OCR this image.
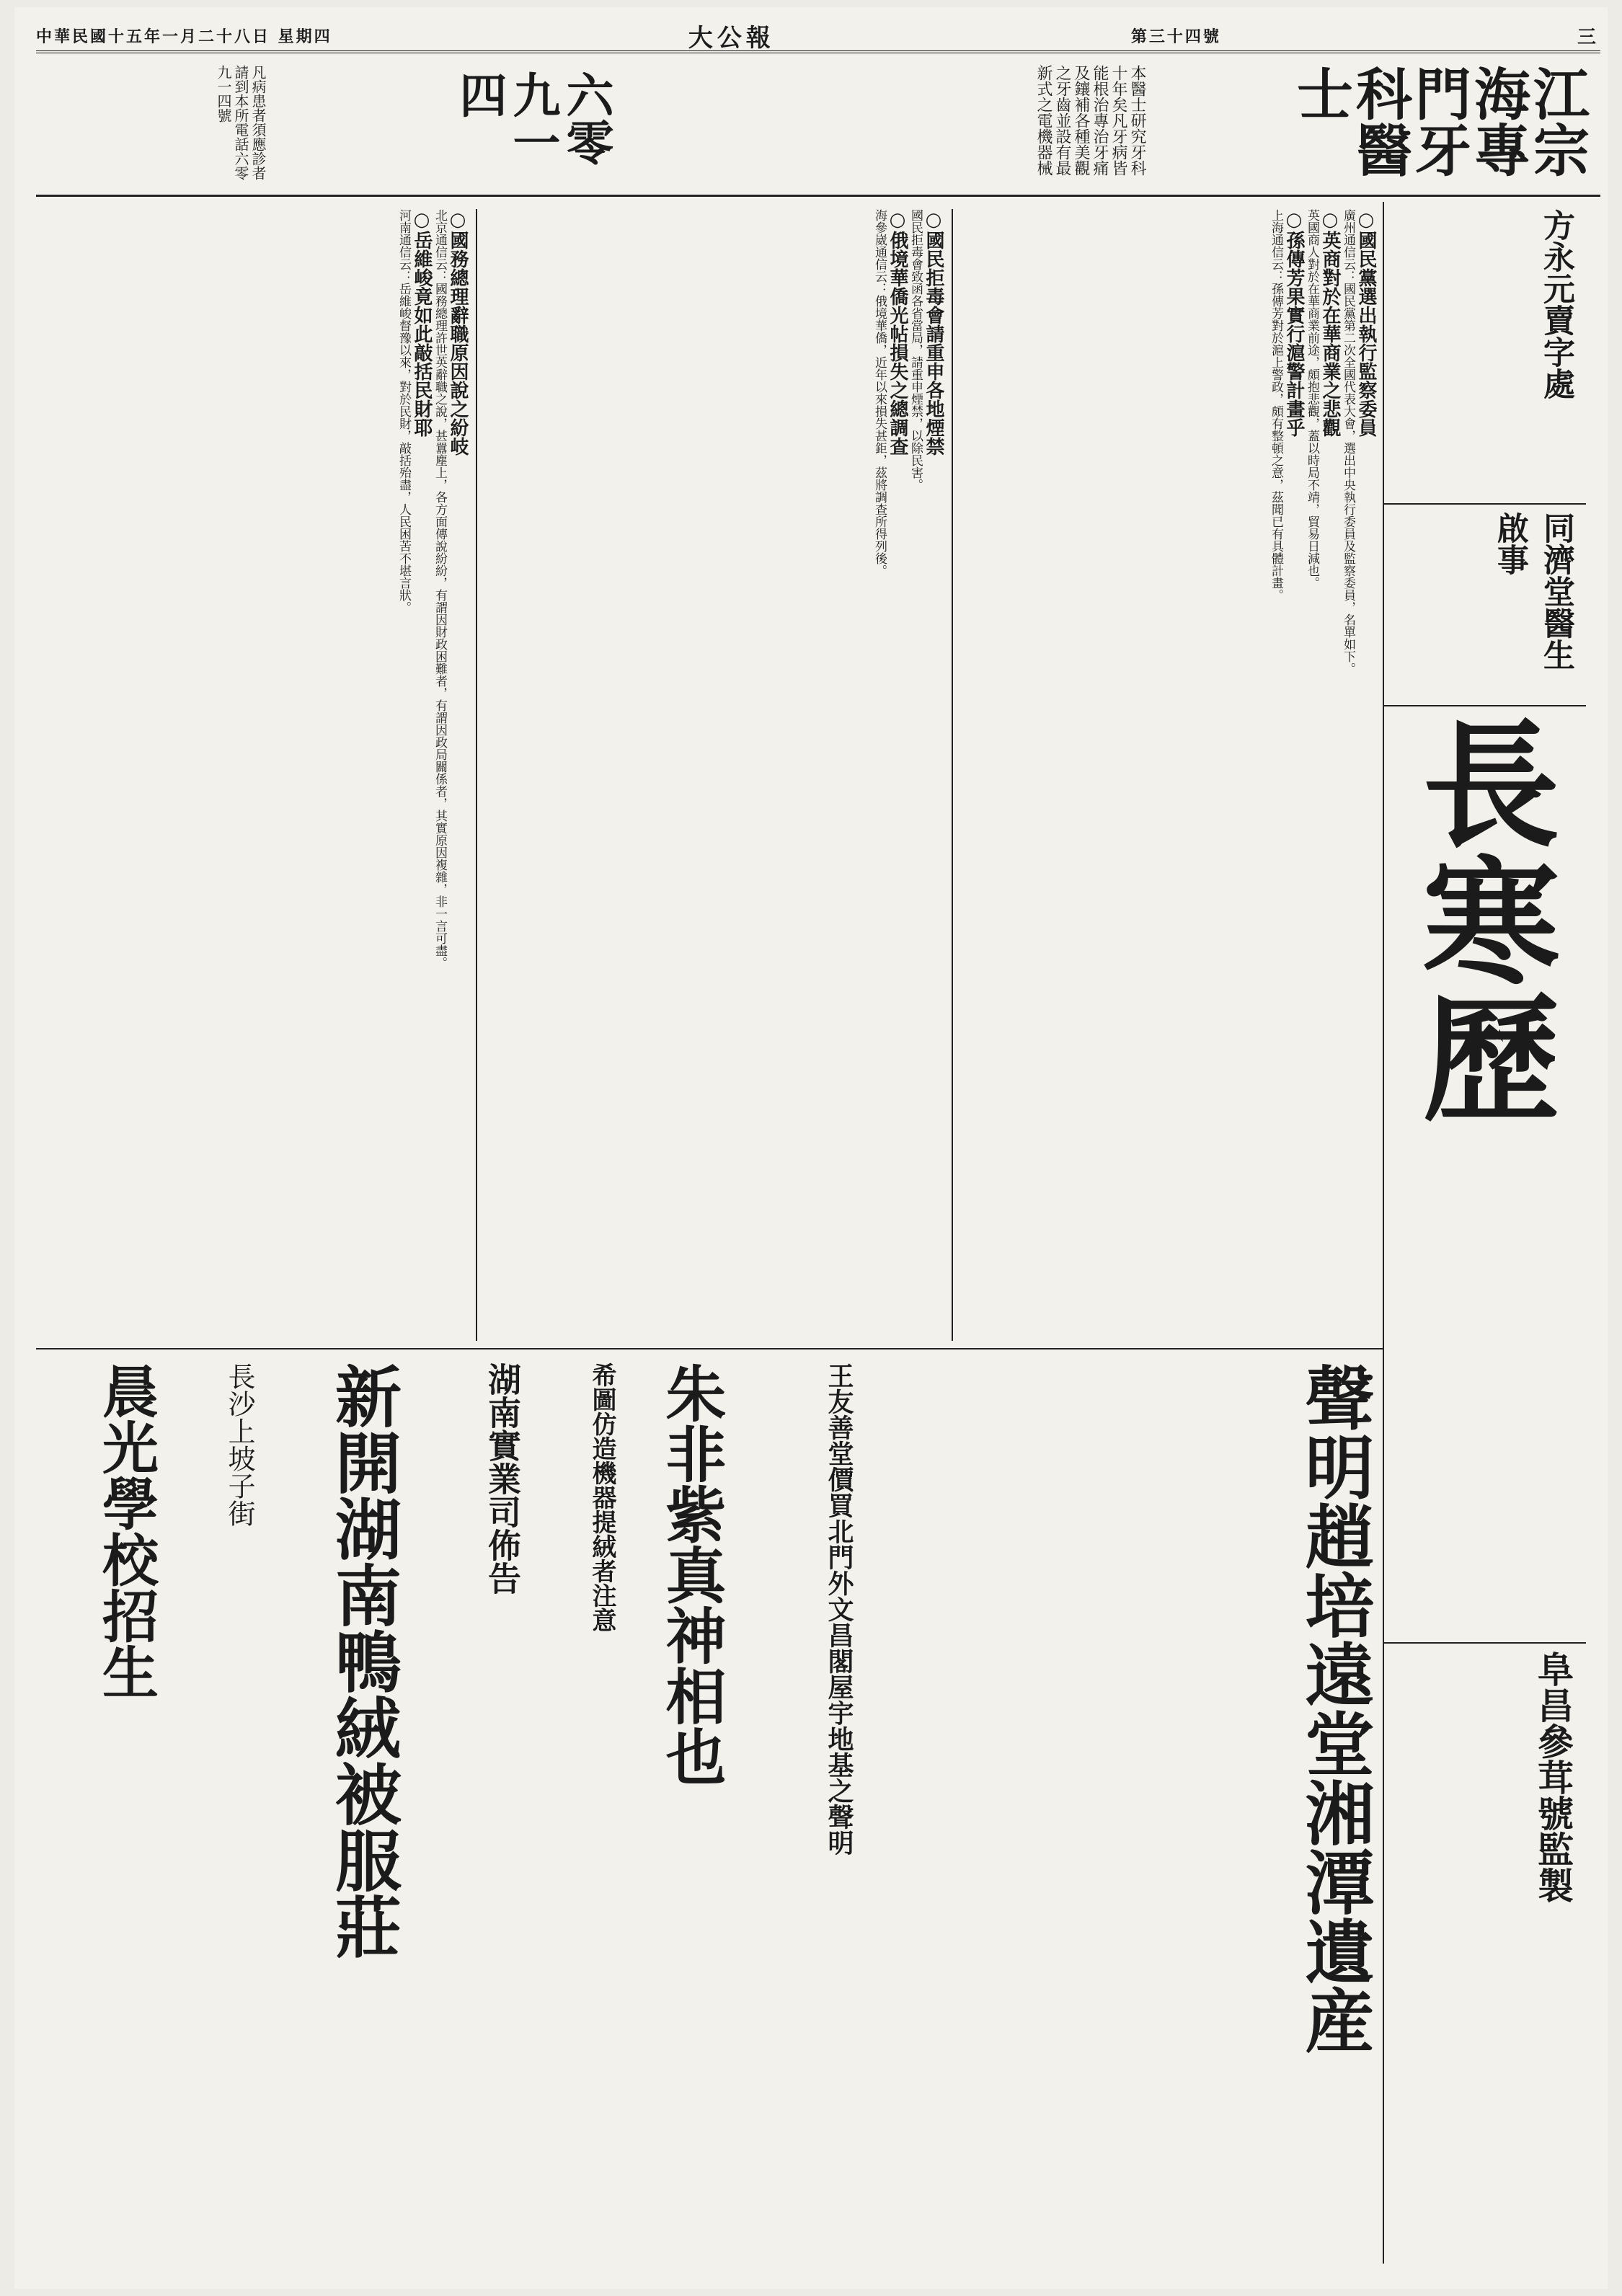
中華民國十五年一月二十八日 星期四	大公報	第三十四號	三
江宗海專門牙科醫士
本醫士研究牙科十年矣凡牙病皆能根治專治牙痛及鑲補各種美觀之牙齒並設有最新式之電機器械
六零九一四
凡病患者須應診者請到本所電話六零九一四號
方永元賣字處
同濟堂醫生啟事
長寒歷
阜昌參茸號監製
○國務總理辭職原因說之紛岐
北京通信云：國務總理許世英辭職之說，甚囂塵上，各方面傳說紛紛，有謂因財政困難者，有謂因政局關係者，其實原因複雜，非一言可盡。
○岳維峻竟如此敲括民財耶
河南通信云：岳維峻督豫以來，對於民財，敲括殆盡，人民困苦不堪言狀。	○國民拒毒會請重申各地煙禁
國民拒毒會致函各省當局，請重申煙禁，以除民害。
○俄境華僑光帖損失之總調查
海參崴通信云：俄境華僑，近年以來損失甚鉅，茲將調查所得列後。	○國民黨選出執行監察委員
廣州通信云：國民黨第二次全國代表大會，選出中央執行委員及監察委員，名單如下。
○英商對於在華商業之悲觀
英國商人對於在華商業前途，頗抱悲觀，蓋以時局不靖，貿易日減也。
○孫傳芳果實行滬警計畫乎
上海通信云：孫傳芳對於滬上警政，頗有整頓之意，茲聞已有具體計畫。
晨光學校招生	長沙上坡子街	新開湖南鴨絨被服莊	湖南實業司佈告	希圖仿造機器提絨者注意 朱非紫真神相也	王友善堂價買北門外文昌閣屋宇地基之聲明	聲明趙培遠堂湘潭遺産
